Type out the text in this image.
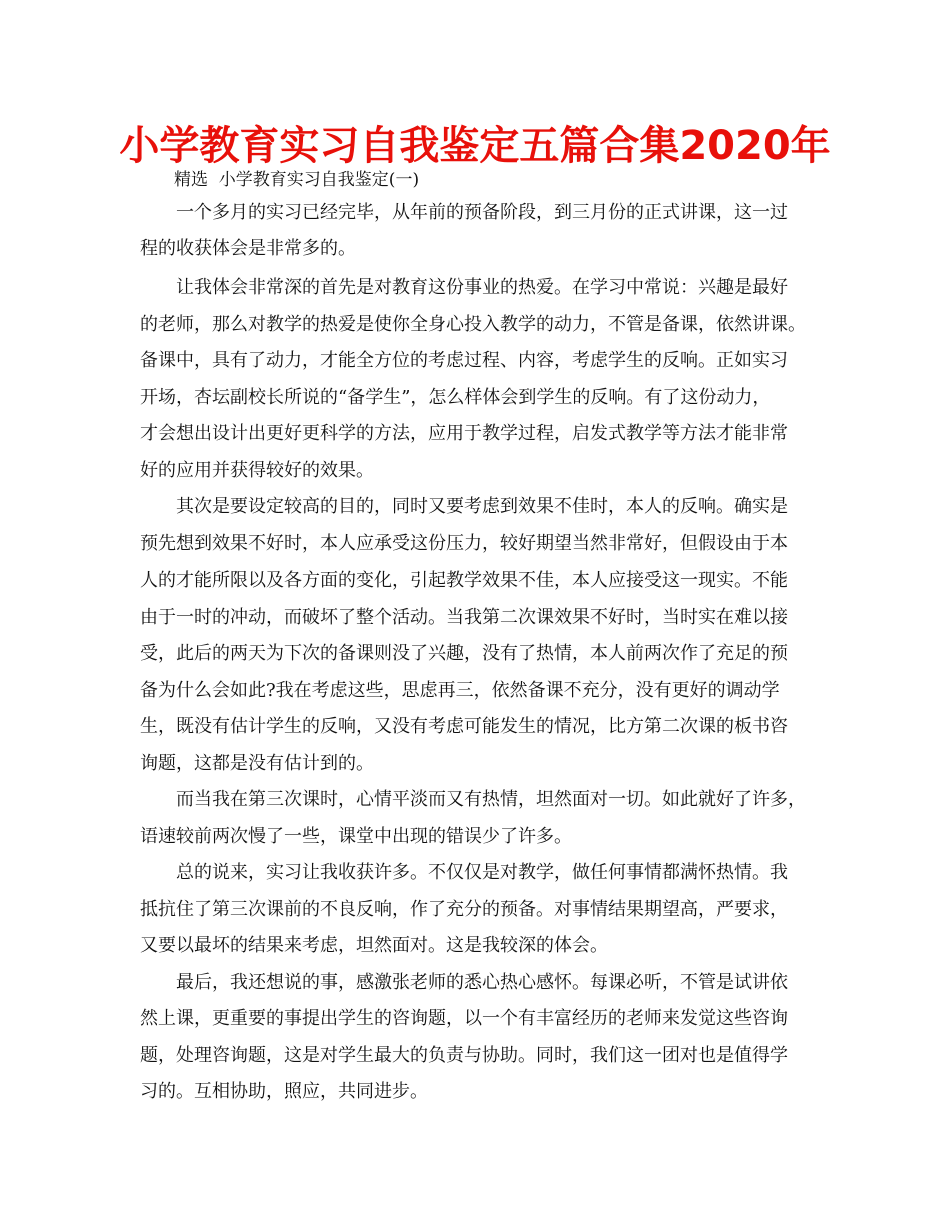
小学教育实习自我鉴定五篇合集2020年
精选  小学教育实习自我鉴定(一)
一个多月的实习已经完毕，从年前的预备阶段，到三月份的正式讲课，这一过
程的收获体会是非常多的。
让我体会非常深的首先是对教育这份事业的热爱。在学习中常说：兴趣是最好
的老师，那么对教学的热爱是使你全身心投入教学的动力，不管是备课，依然讲课。
备课中，具有了动力，才能全方位的考虑过程、内容，考虑学生的反响。正如实习
开场，杏坛副校长所说的“备学生”，怎么样体会到学生的反响。有了这份动力，
才会想出设计出更好更科学的方法，应用于教学过程，启发式教学等方法才能非常
好的应用并获得较好的效果。
其次是要设定较高的目的，同时又要考虑到效果不佳时，本人的反响。确实是
预先想到效果不好时，本人应承受这份压力，较好期望当然非常好，但假设由于本
人的才能所限以及各方面的变化，引起教学效果不佳，本人应接受这一现实。不能
由于一时的冲动，而破坏了整个活动。当我第二次课效果不好时，当时实在难以接
受，此后的两天为下次的备课则没了兴趣，没有了热情，本人前两次作了充足的预
备为什么会如此?我在考虑这些，思虑再三，依然备课不充分，没有更好的调动学
生，既没有估计学生的反响，又没有考虑可能发生的情况，比方第二次课的板书咨
询题，这都是没有估计到的。
而当我在第三次课时，心情平淡而又有热情，坦然面对一切。如此就好了许多，
语速较前两次慢了一些，课堂中出现的错误少了许多。
总的说来，实习让我收获许多。不仅仅是对教学，做任何事情都满怀热情。我
抵抗住了第三次课前的不良反响，作了充分的预备。对事情结果期望高，严要求，
又要以最坏的结果来考虑，坦然面对。这是我较深的体会。
最后，我还想说的事，感激张老师的悉心热心感怀。每课必听，不管是试讲依
然上课，更重要的事提出学生的咨询题，以一个有丰富经历的老师来发觉这些咨询
题，处理咨询题，这是对学生最大的负责与协助。同时，我们这一团对也是值得学
习的。互相协助，照应，共同进步。
